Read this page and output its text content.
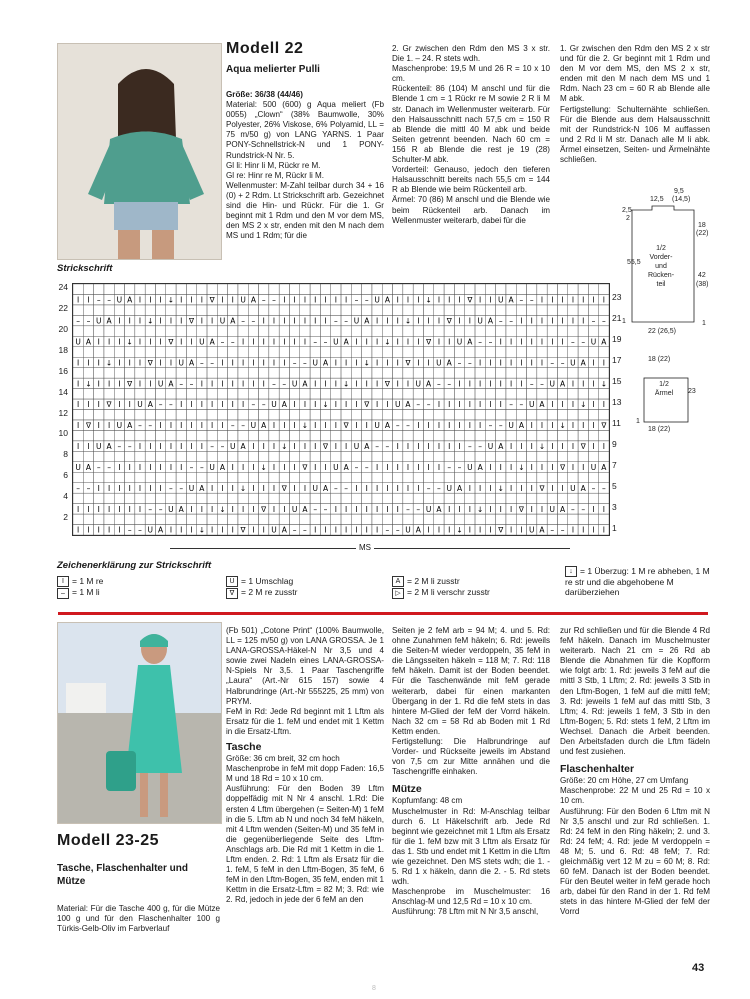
Modell 22
Aqua melierter Pulli
Größe: 36/38 (44/46)
Material: 500 (600) g Aqua meliert (Fb 0055) „Clown“ (38% Baumwolle, 30% Polyester, 26% Viskose, 6% Polyamid, LL = 75 m/50 g) von LANG YARNS. 1 Paar PONY-Schnellstrick-N und 1 PONY-Rundstrick-N Nr. 5.
Gl li: Hinr li M, Rückr re M.
Gl re: Hinr re M, Rückr li M.
Wellenmuster: M-Zahl teilbar durch 34 + 16 (0) + 2 Rdm. Lt Strickschrift arb. Gezeichnet sind die Hin- und Rückr. Für die 1. Gr beginnt mit 1 Rdm und den M vor dem MS, den MS 2 x str, enden mit den M nach dem MS und 1 Rdm; für die
2. Gr zwischen den Rdm den MS 3 x str. Die 1. – 24. R stets wdh.
Maschenprobe: 19,5 M und 26 R = 10 x 10 cm.
Rückenteil: 86 (104) M anschl und für die Blende 1 cm = 1 Rückr re M sowie 2 R li M str. Danach im Wellenmuster weiterarb. Für den Halsausschnitt nach 57,5 cm = 150 R ab Blende die mittl 40 M abk und beide Seiten getrennt beenden. Nach 60 cm = 156 R ab Blende die rest je 19 (28) Schulter-M abk.
Vorderteil: Genauso, jedoch den tieferen Halsausschnitt bereits nach 55,5 cm = 144 R ab Blende wie beim Rückenteil arb.
Ärmel: 70 (86) M anschl und die Blende wie beim Rückenteil arb. Danach im Wellenmuster weiterarb, dabei für die
1. Gr zwischen den Rdm den MS 2 x str und für die 2. Gr beginnt mit 1 Rdm und den M vor dem MS, den MS 2 x str, enden mit den M nach dem MS und 1 Rdm. Nach 23 cm = 60 R ab Blende alle M abk.
Fertigstellung: Schulternähte schließen. Für die Blende aus dem Halsausschnitt mit der Rundstrick-N 106 M auffassen und 2 Rd li M str. Danach alle M li abk. Ärmel einsetzen, Seiten- und Ärmelnähte schließen.
12,5
9,5
(14,5)
2,5
2
18
(22)
55,5
1/2 Vorder- und Rücken- teil
42
(38)
1
22 (26,5)
1
18 (22)
1/2 Ärmel	23
1
18 (22)
Strickschrift
I I – – U A I I I ↓ I I I ∇ I I U A – – I I I I I I I – – U A I I I ↓ I I I ∇ I I U A – – I I I I I I I
– – U A I I I ↓ I I I ∇ I I U A – – I I I I I I I – – U A I I I ↓ I I I ∇ I I U A – – I I I I I I I – –
U A I I I ↓ I I I ∇ I I U A – – I I I I I I I – – U A I I I ↓ I I I ∇ I I U A – – I I I I I I I – – U A
I I I ↓ I I I ∇ I I U A – – I I I I I I I – – U A I I I ↓ I I I ∇ I I U A – – I I I I I I I – – U A I I
I ↓ I I I ∇ I I U A – – I I I I I I I – – U A I I I ↓ I I I ∇ I I U A – – I I I I I I I – – U A I I I ↓
I I I ∇ I I U A – – I I I I I I I – – U A I I I ↓ I I I ∇ I I U A – – I I I I I I I – – U A I I I ↓ I I
I ∇ I I U A – – I I I I I I I – – U A I I I ↓ I I I ∇ I I U A – – I I I I I I I – – U A I I I ↓ I I I ∇
I I U A – – I I I I I I I – – U A I I I ↓ I I I ∇ I I U A – – I I I I I I I – – U A I I I ↓ I I I ∇ I I
U A – – I I I I I I I – – U A I I I ↓ I I I ∇ I I U A – – I I I I I I I – – U A I I I ↓ I I I ∇ I I U A
– – I I I I I I I – – U A I I I ↓ I I I ∇ I I U A – – I I I I I I I – – U A I I I ↓ I I I ∇ I I U A – –
I I I I I I I – – U A I I I ↓ I I I ∇ I I U A – – I I I I I I I – – U A I I I ↓ I I I ∇ I I U A – – I I
I I I I I – – U A I I I ↓ I I I ∇ I I U A – – I I I I I I I – – U A I I I ↓ I I I ∇ I I U A – – I I I I
24
22
20
18
16
14
12
10
8
6
4
2
23
21
19
17
15
13
11
9
7
5
3
1
MS
Zeichenerklärung zur Strickschrift
I = 1 M re
– = 1 M li
U = 1 Umschlag
∇ = 2 M re zusstr
A = 2 M li zusstr
▷ = 2 M li verschr zusstr
↓ = 1 Überzug: 1 M re abheben, 1 M re str und die abgehobene M darüberziehen
Modell 23-25
Tasche, Flaschenhalter und Mütze
Material: Für die Tasche 400 g, für die Mütze 100 g und für den Flaschenhalter 100 g Türkis-Gelb-Oliv im Farbverlauf
(Fb 501) „Cotone Print“ (100% Baumwolle, LL = 125 m/50 g) von LANA GROSSA. Je 1 LANA-GROSSA-Häkel-N Nr 3,5 und 4 sowie zwei Nadeln eines LANA-GROSSA-N-Spiels Nr 3,5. 1 Paar Taschengriffe „Laura“ (Art.-Nr 615 157) sowie 4 Halbrundringe (Art.-Nr 555225, 25 mm) von PRYM.
FeM in Rd: Jede Rd beginnt mit 1 Lftm als Ersatz für die 1. feM und endet mit 1 Kettm in die Ersatz-Lftm.
Tasche
Größe: 36 cm breit, 32 cm hoch
Maschenprobe in feM mit dopp Faden: 16,5 M und 18 Rd = 10 x 10 cm.
Ausführung: Für den Boden 39 Lftm doppelfädig mit N Nr 4 anschl. 1.Rd: Die ersten 4 Lftm übergehen (= Seiten-M) 1 feM in die 5. Lftm ab N und noch 34 feM häkeln, mit 4 Lftm wenden (Seiten-M) und 35 feM in die gegenüberliegende Seite des Lftm-Anschlags arb. Die Rd mit 1 Kettm in die 1. Lftm enden. 2. Rd: 1 Lftm als Ersatz für die 1. feM, 5 feM in den Lftm-Bogen, 35 feM, 6 feM in den Lftm-Bogen, 35 feM, enden mit 1 Kettm in die Ersatz-Lftm = 82 M; 3. Rd: wie 2. Rd, jedoch in jede der 6 feM an den
Seiten je 2 feM arb = 94 M; 4. und 5. Rd: ohne Zunahmen feM häkeln; 6. Rd: jeweils die Seiten-M wieder verdoppeln, 35 feM in die Längsseiten häkeln = 118 M; 7. Rd: 118 feM häkeln. Damit ist der Boden beendet. Für die Taschenwände mit feM gerade weiterarb, dabei für einen markanten Übergang in der 1. Rd die feM stets in das hintere M-Glied der feM der Vorrd häkeln. Nach 32 cm = 58 Rd ab Boden mit 1 Rd Kettm enden.
Fertigstellung: Die Halbrundringe auf Vorder- und Rückseite jeweils im Abstand von 7,5 cm zur Mitte annähen und die Taschengriffe einhaken.
Mütze
Kopfumfang: 48 cm
Muschelmuster in Rd: M-Anschlag teilbar durch 6. Lt Häkelschrift arb. Jede Rd beginnt wie gezeichnet mit 1 Lftm als Ersatz für die 1. feM bzw mit 3 Lftm als Ersatz für das 1. Stb und endet mit 1 Kettm in die Lftm wie gezeichnet. Den MS stets wdh; die 1. - 5. Rd 1 x häkeln, dann die 2. - 5. Rd stets wdh.
Maschenprobe im Muschelmuster: 16 Anschlag-M und 12,5 Rd = 10 x 10 cm.
Ausführung: 78 Lftm mit N Nr 3,5 anschl,
zur Rd schließen und für die Blende 4 Rd feM häkeln. Danach im Muschelmuster weiterarb. Nach 21 cm = 26 Rd ab Blende die Abnahmen für die Kopfform wie folgt arb: 1. Rd: jeweils 3 feM auf die mittl 3 Stb, 1 Lftm; 2. Rd: jeweils 3 Stb in den Lftm-Bogen, 1 feM auf die mittl feM; 3. Rd: jeweils 1 feM auf das mittl Stb, 3 Lftm; 4. Rd: jeweils 1 feM, 3 Stb in den Lftm-Bogen; 5. Rd: stets 1 feM, 2 Lftm im Wechsel. Danach die Arbeit beenden. Den Arbeitsfaden durch die Lftm fädeln und fest zusiehen.
Flaschenhalter
Größe: 20 cm Höhe, 27 cm Umfang
Maschenprobe: 22 M und 25 Rd = 10 x 10 cm.
Ausführung: Für den Boden 6 Lftm mit N Nr 3,5 anschl und zur Rd schließen. 1. Rd: 24 feM in den Ring häkeln; 2. und 3. Rd: 24 feM; 4. Rd: jede M verdoppeln = 48 M; 5. und 6. Rd: 48 feM; 7. Rd: gleichmäßig vert 12 M zu = 60 M; 8. Rd: 60 feM. Danach ist der Boden beendet. Für den Beutel weiter in feM gerade hoch arb, dabei für den Rand in der 1. Rd feM stets in das hintere M-Glied der feM der Vorrd
43
8
